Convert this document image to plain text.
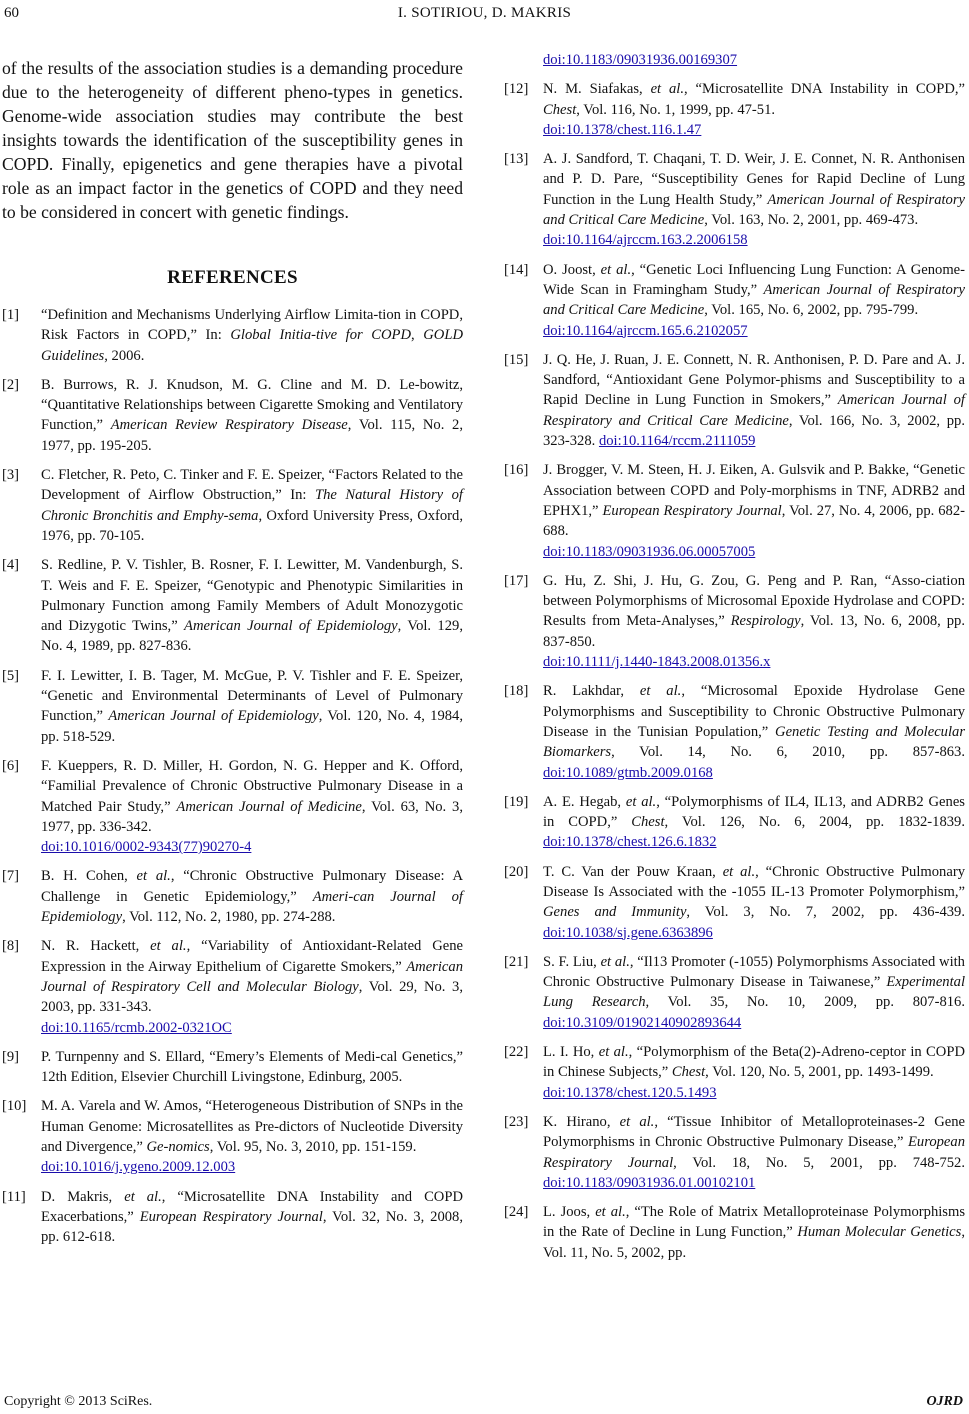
60	I. SOTIRIOU, D. MAKRIS

of the results of the association studies is a demanding procedure due to the heterogeneity of different pheno-types in genetics. Genome-wide association studies may contribute the best insights towards the identification of the susceptibility genes in COPD. Finally, epigenetics and gene therapies have a pivotal role as an impact factor in the genetics of COPD and they need to be considered in concert with genetic findings.

REFERENCES
[1] “Definition and Mechanisms Underlying Airflow Limita-tion in COPD, Risk Factors in COPD,” In: Global Initia-tive for COPD, GOLD Guidelines, 2006.
[2] B. Burrows, R. J. Knudson, M. G. Cline and M. D. Le-bowitz, “Quantitative Relationships between Cigarette Smoking and Ventilatory Function,” American Review Respiratory Disease, Vol. 115, No. 2, 1977, pp. 195-205.
[3] C. Fletcher, R. Peto, C. Tinker and F. E. Speizer, “Factors Related to the Development of Airflow Obstruction,” In: The Natural History of Chronic Bronchitis and Emphy-sema, Oxford University Press, Oxford, 1976, pp. 70-105.
[4] S. Redline, P. V. Tishler, B. Rosner, F. I. Lewitter, M. Vandenburgh, S. T. Weis and F. E. Speizer, “Genotypic and Phenotypic Similarities in Pulmonary Function among Family Members of Adult Monozygotic and Dizygotic Twins,” American Journal of Epidemiology, Vol. 129, No. 4, 1989, pp. 827-836.
[5] F. I. Lewitter, I. B. Tager, M. McGue, P. V. Tishler and F. E. Speizer, “Genetic and Environmental Determinants of Level of Pulmonary Function,” American Journal of Epidemiology, Vol. 120, No. 4, 1984, pp. 518-529.
[6] F. Kueppers, R. D. Miller, H. Gordon, N. G. Hepper and K. Offord, “Familial Prevalence of Chronic Obstructive Pulmonary Disease in a Matched Pair Study,” American Journal of Medicine, Vol. 63, No. 3, 1977, pp. 336-342.
doi:10.1016/0002-9343(77)90270-4
[7] B. H. Cohen, et al., “Chronic Obstructive Pulmonary Disease: A Challenge in Genetic Epidemiology,” Ameri-can Journal of Epidemiology, Vol. 112, No. 2, 1980, pp. 274-288.
[8] N. R. Hackett, et al., “Variability of Antioxidant-Related Gene Expression in the Airway Epithelium of Cigarette Smokers,” American Journal of Respiratory Cell and Molecular Biology, Vol. 29, No. 3, 2003, pp. 331-343.
doi:10.1165/rcmb.2002-0321OC
[9] P. Turnpenny and S. Ellard, “Emery’s Elements of Medi-cal Genetics,” 12th Edition, Elsevier Churchill Livingstone, Edinburg, 2005.
[10] M. A. Varela and W. Amos, “Heterogeneous Distribution of SNPs in the Human Genome: Microsatellites as Pre-dictors of Nucleotide Diversity and Divergence,” Ge-nomics, Vol. 95, No. 3, 2010, pp. 151-159.
doi:10.1016/j.ygeno.2009.12.003
[11] D. Makris, et al., “Microsatellite DNA Instability and COPD Exacerbations,” European Respiratory Journal, Vol. 32, No. 3, 2008, pp. 612-618.
doi:10.1183/09031936.00169307
[12] N. M. Siafakas, et al., “Microsatellite DNA Instability in COPD,” Chest, Vol. 116, No. 1, 1999, pp. 47-51.
doi:10.1378/chest.116.1.47
[13] A. J. Sandford, T. Chaqani, T. D. Weir, J. E. Connet, N. R. Anthonisen and P. D. Pare, “Susceptibility Genes for Rapid Decline of Lung Function in the Lung Health Study,” American Journal of Respiratory and Critical Care Medicine, Vol. 163, No. 2, 2001, pp. 469-473.
doi:10.1164/ajrccm.163.2.2006158
[14] O. Joost, et al., “Genetic Loci Influencing Lung Function: A Genome-Wide Scan in Framingham Study,” American Journal of Respiratory and Critical Care Medicine, Vol. 165, No. 6, 2002, pp. 795-799.
doi:10.1164/ajrccm.165.6.2102057
[15] J. Q. He, J. Ruan, J. E. Connett, N. R. Anthonisen, P. D. Pare and A. J. Sandford, “Antioxidant Gene Polymor-phisms and Susceptibility to a Rapid Decline in Lung Function in Smokers,” American Journal of Respiratory and Critical Care Medicine, Vol. 166, No. 3, 2002, pp. 323-328. doi:10.1164/rccm.2111059
[16] J. Brogger, V. M. Steen, H. J. Eiken, A. Gulsvik and P. Bakke, “Genetic Association between COPD and Poly-morphisms in TNF, ADRB2 and EPHX1,” European Respiratory Journal, Vol. 27, No. 4, 2006, pp. 682-688.
doi:10.1183/09031936.06.00057005
[17] G. Hu, Z. Shi, J. Hu, G. Zou, G. Peng and P. Ran, “Asso-ciation between Polymorphisms of Microsomal Epoxide Hydrolase and COPD: Results from Meta-Analyses,” Respirology, Vol. 13, No. 6, 2008, pp. 837-850.
doi:10.1111/j.1440-1843.2008.01356.x
[18] R. Lakhdar, et al., “Microsomal Epoxide Hydrolase Gene Polymorphisms and Susceptibility to Chronic Obstructive Pulmonary Disease in the Tunisian Population,” Genetic Testing and Molecular Biomarkers, Vol. 14, No. 6, 2010, pp. 857-863. doi:10.1089/gtmb.2009.0168
[19] A. E. Hegab, et al., “Polymorphisms of IL4, IL13, and ADRB2 Genes in COPD,” Chest, Vol. 126, No. 6, 2004, pp. 1832-1839. doi:10.1378/chest.126.6.1832
[20] T. C. Van der Pouw Kraan, et al., “Chronic Obstructive Pulmonary Disease Is Associated with the -1055 IL-13 Promoter Polymorphism,” Genes and Immunity, Vol. 3, No. 7, 2002, pp. 436-439. doi:10.1038/sj.gene.6363896
[21] S. F. Liu, et al., “Il13 Promoter (-1055) Polymorphisms Associated with Chronic Obstructive Pulmonary Disease in Taiwanese,” Experimental Lung Research, Vol. 35, No. 10, 2009, pp. 807-816. doi:10.3109/01902140902893644
[22] L. I. Ho, et al., “Polymorphism of the Beta(2)-Adreno-ceptor in COPD in Chinese Subjects,” Chest, Vol. 120, No. 5, 2001, pp. 1493-1499.
doi:10.1378/chest.120.5.1493
[23] K. Hirano, et al., “Tissue Inhibitor of Metalloproteinases-2 Gene Polymorphisms in Chronic Obstructive Pulmonary Disease,” European Respiratory Journal, Vol. 18, No. 5, 2001, pp. 748-752. doi:10.1183/09031936.01.00102101
[24] L. Joos, et al., “The Role of Matrix Metalloproteinase Polymorphisms in the Rate of Decline in Lung Function,” Human Molecular Genetics, Vol. 11, No. 5, 2002, pp.
Copyright © 2013 SciRes.	OJRD
